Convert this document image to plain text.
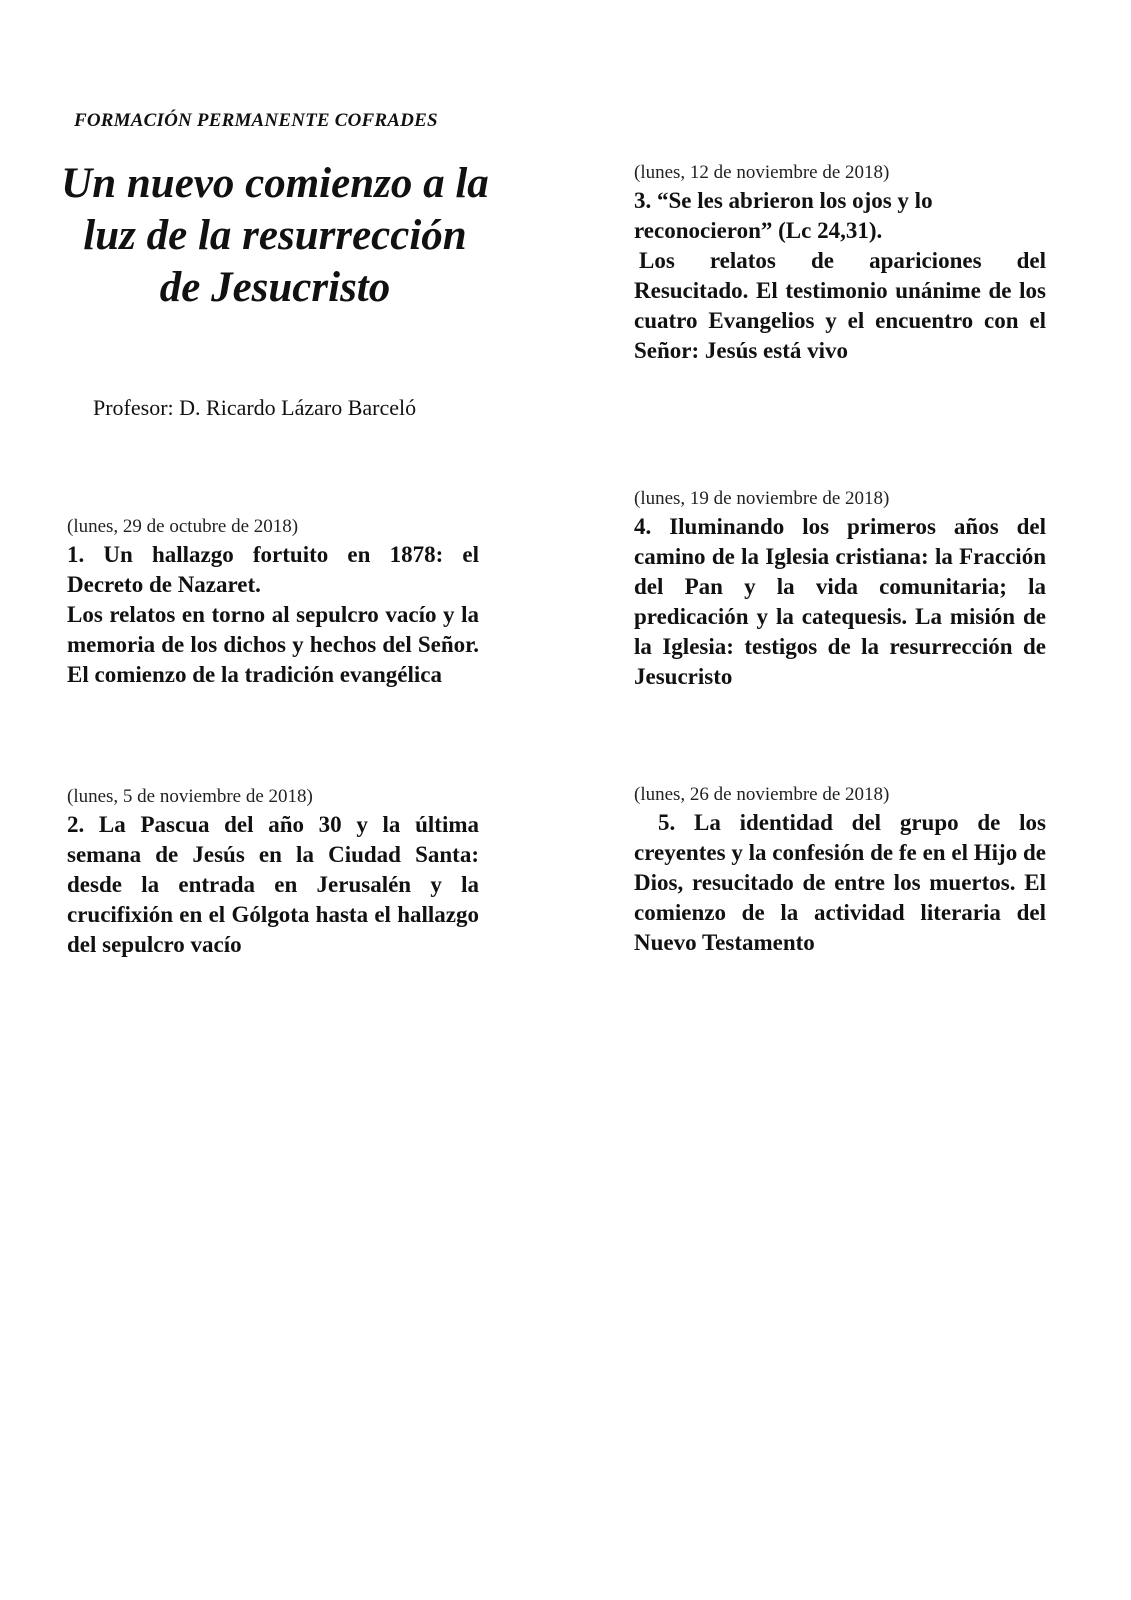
FORMACIÓN PERMANENTE COFRADES
Un nuevo comienzo a la luz de la resurrección de Jesucristo
Profesor: D. Ricardo Lázaro Barceló
(lunes, 29 de octubre de 2018)
1. Un hallazgo fortuito en 1878: el Decreto de Nazaret.
Los relatos en torno al sepulcro vacío y la memoria de los dichos y hechos del Señor. El comienzo de la tradición evangélica
(lunes, 5 de noviembre de 2018)
2. La Pascua del año 30 y la última semana de Jesús en la Ciudad Santa: desde la entrada en Jerusalén y la crucifixión en el Gólgota hasta el hallazgo del sepulcro vacío
(lunes, 12 de noviembre de 2018)
3. “Se les abrieron los ojos y lo reconocieron” (Lc 24,31).
Los relatos de apariciones del Resucitado. El testimonio unánime de los cuatro Evangelios y el encuentro con el Señor: Jesús está vivo
(lunes, 19 de noviembre de 2018)
4. Iluminando los primeros años del camino de la Iglesia cristiana: la Fracción del Pan y la vida comunitaria; la predicación y la catequesis. La misión de la Iglesia: testigos de la resurrección de Jesucristo
(lunes, 26 de noviembre de 2018)
5. La identidad del grupo de los creyentes y la confesión de fe en el Hijo de Dios, resucitado de entre los muertos. El comienzo de la actividad literaria del Nuevo Testamento
